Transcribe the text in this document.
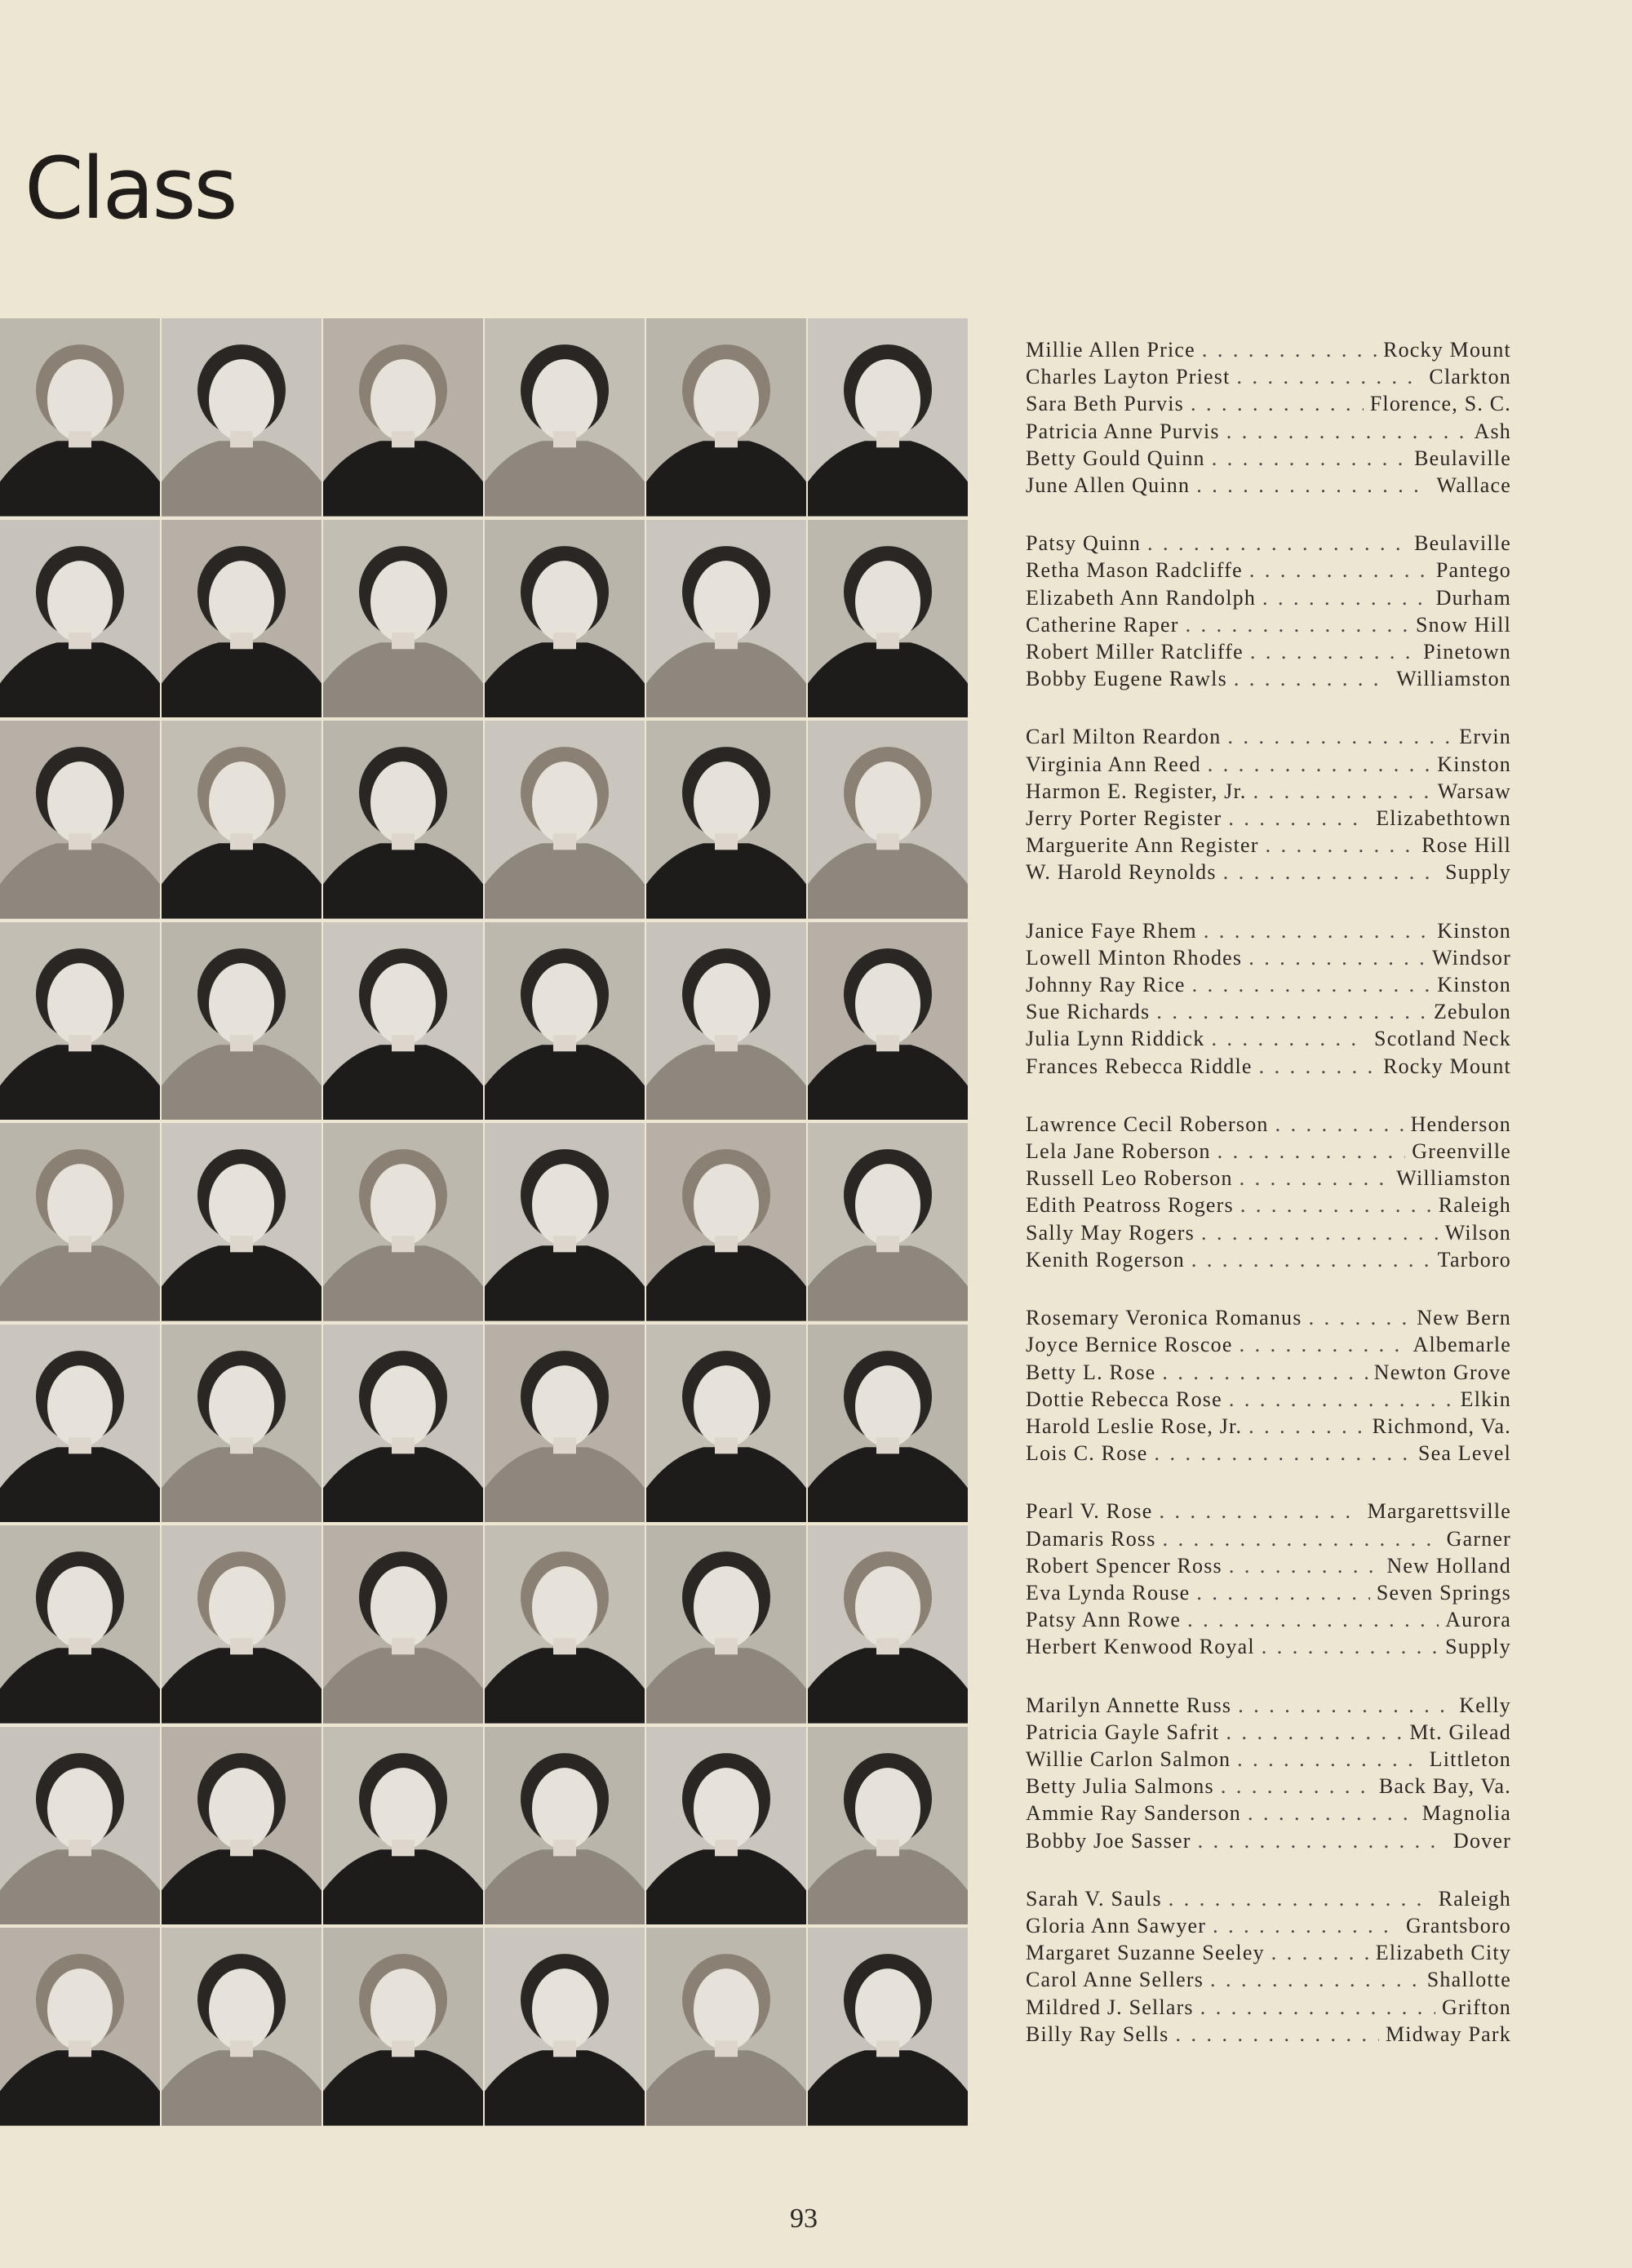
Class
Millie Allen Price . . .	Rocky Mount
Charles Layton Priest . . .	Clarkton
Sara Beth Purvis . . .	Florence, S. C.
Patricia Anne Purvis . . .	Ash
Betty Gould Quinn . . .	Beulaville
June Allen Quinn . . .	Wallace
Patsy Quinn . . .	Beulaville
Retha Mason Radcliffe . . .	Pantego
Elizabeth Ann Randolph . . .	Durham
Catherine Raper . . .	Snow Hill
Robert Miller Ratcliffe . . .	Pinetown
Bobby Eugene Rawls . . .	Williamston
Carl Milton Reardon . . .	Ervin
Virginia Ann Reed . . .	Kinston
Harmon E. Register, Jr. . . .	Warsaw
Jerry Porter Register . . .	Elizabethtown
Marguerite Ann Register . . .	Rose Hill
W. Harold Reynolds . . .	Supply
Janice Faye Rhem . . .	Kinston
Lowell Minton Rhodes . . .	Windsor
Johnny Ray Rice . . .	Kinston
Sue Richards . . .	Zebulon
Julia Lynn Riddick . . .	Scotland Neck
Frances Rebecca Riddle . . .	Rocky Mount
Lawrence Cecil Roberson . . .	Henderson
Lela Jane Roberson . . .	Greenville
Russell Leo Roberson . . .	Williamston
Edith Peatross Rogers . . .	Raleigh
Sally May Rogers . . .	Wilson
Kenith Rogerson . . .	Tarboro
Rosemary Veronica Romanus . . .	New Bern
Joyce Bernice Roscoe . . .	Albemarle
Betty L. Rose . . .	Newton Grove
Dottie Rebecca Rose . . .	Elkin
Harold Leslie Rose, Jr. . . .	Richmond, Va.
Lois C. Rose . . .	Sea Level
Pearl V. Rose . . .	Margarettsville
Damaris Ross . . .	Garner
Robert Spencer Ross . . .	New Holland
Eva Lynda Rouse . . .	Seven Springs
Patsy Ann Rowe . . .	Aurora
Herbert Kenwood Royal . . .	Supply
Marilyn Annette Russ . . .	Kelly
Patricia Gayle Safrit . . .	Mt. Gilead
Willie Carlon Salmon . . .	Littleton
Betty Julia Salmons . . .	Back Bay, Va.
Ammie Ray Sanderson . . .	Magnolia
Bobby Joe Sasser . . .	Dover
Sarah V. Sauls . . .	Raleigh
Gloria Ann Sawyer . . .	Grantsboro
Margaret Suzanne Seeley . . .	Elizabeth City
Carol Anne Sellers . . .	Shallotte
Mildred J. Sellars . . .	Grifton
Billy Ray Sells . . .	Midway Park
93
